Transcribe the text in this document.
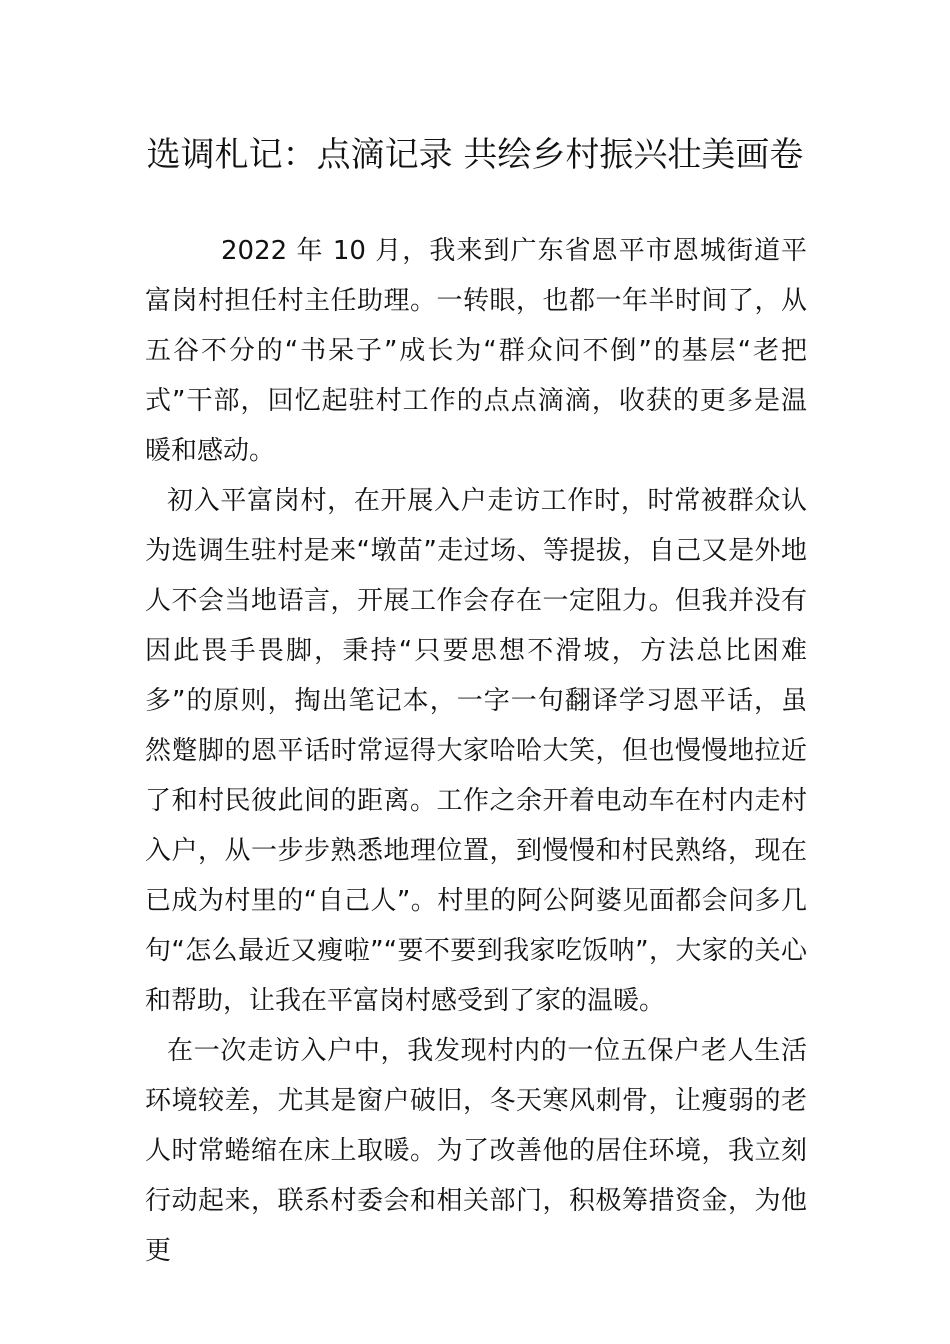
选调札记：点滴记录 共绘乡村振兴壮美画卷

2022 年 10 月，我来到广东省恩平市恩城街道平富岗村担任村主任助理。一转眼，也都一年半时间了，从五谷不分的“书呆子”成长为“群众问不倒”的基层“老把式”干部，回忆起驻村工作的点点滴滴，收获的更多是温暖和感动。

初入平富岗村，在开展入户走访工作时，时常被群众认为选调生驻村是来“墩苗”走过场、等提拔，自己又是外地人不会当地语言，开展工作会存在一定阻力。但我并没有因此畏手畏脚，秉持“只要思想不滑坡，方法总比困难多”的原则，掏出笔记本，一字一句翻译学习恩平话，虽然蹩脚的恩平话时常逗得大家哈哈大笑，但也慢慢地拉近了和村民彼此间的距离。工作之余开着电动车在村内走村入户，从一步步熟悉地理位置，到慢慢和村民熟络，现在已成为村里的“自己人”。村里的阿公阿婆见面都会问多几句“怎么最近又瘦啦”“要不要到我家吃饭呐”，大家的关心和帮助，让我在平富岗村感受到了家的温暖。

在一次走访入户中，我发现村内的一位五保户老人生活环境较差，尤其是窗户破旧，冬天寒风刺骨，让瘦弱的老人时常蜷缩在床上取暖。为了改善他的居住环境，我立刻行动起来，联系村委会和相关部门，积极筹措资金，为他更
